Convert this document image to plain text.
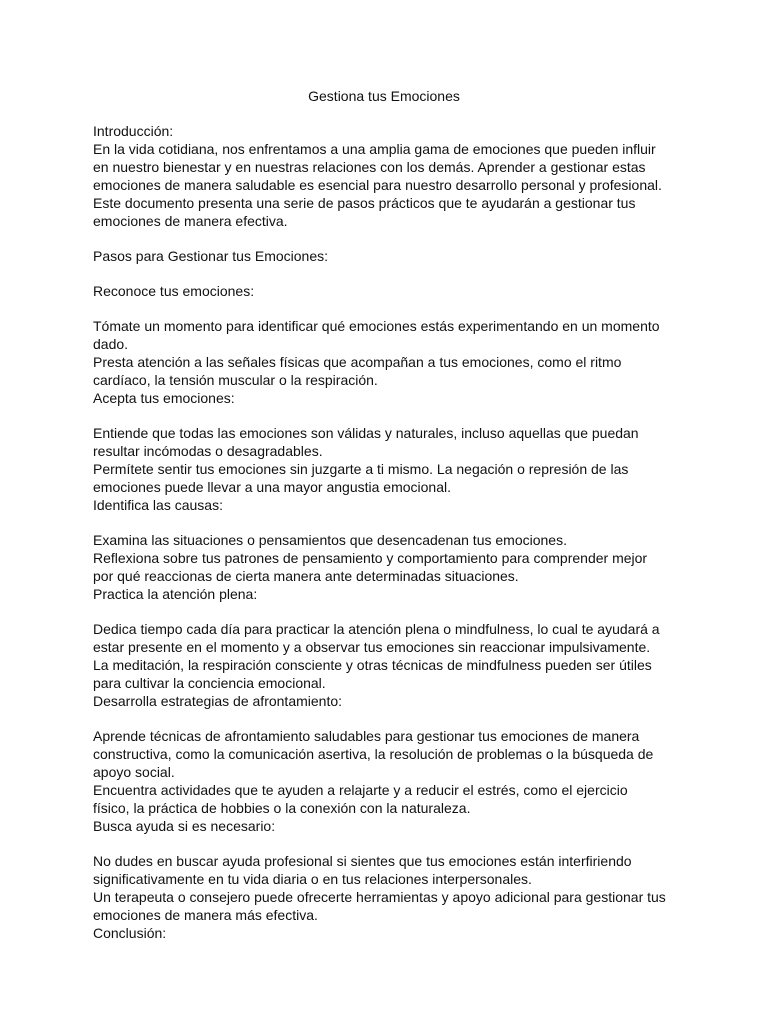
Gestiona tus Emociones
Introducción:
En la vida cotidiana, nos enfrentamos a una amplia gama de emociones que pueden influir
en nuestro bienestar y en nuestras relaciones con los demás. Aprender a gestionar estas
emociones de manera saludable es esencial para nuestro desarrollo personal y profesional.
Este documento presenta una serie de pasos prácticos que te ayudarán a gestionar tus
emociones de manera efectiva.
Pasos para Gestionar tus Emociones:
Reconoce tus emociones:
Tómate un momento para identificar qué emociones estás experimentando en un momento
dado.
Presta atención a las señales físicas que acompañan a tus emociones, como el ritmo
cardíaco, la tensión muscular o la respiración.
Acepta tus emociones:
Entiende que todas las emociones son válidas y naturales, incluso aquellas que puedan
resultar incómodas o desagradables.
Permítete sentir tus emociones sin juzgarte a ti mismo. La negación o represión de las
emociones puede llevar a una mayor angustia emocional.
Identifica las causas:
Examina las situaciones o pensamientos que desencadenan tus emociones.
Reflexiona sobre tus patrones de pensamiento y comportamiento para comprender mejor
por qué reaccionas de cierta manera ante determinadas situaciones.
Practica la atención plena:
Dedica tiempo cada día para practicar la atención plena o mindfulness, lo cual te ayudará a
estar presente en el momento y a observar tus emociones sin reaccionar impulsivamente.
La meditación, la respiración consciente y otras técnicas de mindfulness pueden ser útiles
para cultivar la conciencia emocional.
Desarrolla estrategias de afrontamiento:
Aprende técnicas de afrontamiento saludables para gestionar tus emociones de manera
constructiva, como la comunicación asertiva, la resolución de problemas o la búsqueda de
apoyo social.
Encuentra actividades que te ayuden a relajarte y a reducir el estrés, como el ejercicio
físico, la práctica de hobbies o la conexión con la naturaleza.
Busca ayuda si es necesario:
No dudes en buscar ayuda profesional si sientes que tus emociones están interfiriendo
significativamente en tu vida diaria o en tus relaciones interpersonales.
Un terapeuta o consejero puede ofrecerte herramientas y apoyo adicional para gestionar tus
emociones de manera más efectiva.
Conclusión:
